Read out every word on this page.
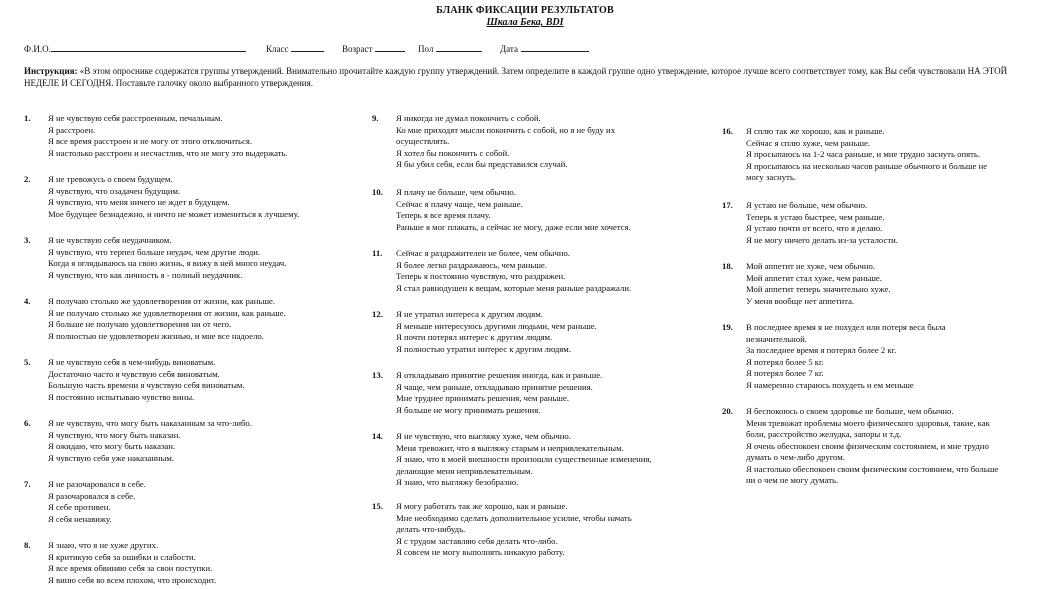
БЛАНК ФИКСАЦИИ РЕЗУЛЬТАТОВ
Шкала Бека, BDI
Ф.И.О.	Класс	Возраст	Пол	Дата
Инструкция: «В этом опроснике содержатся группы утверждений. Внимательно прочитайте каждую группу утверждений. Затем определите в каждой группе одно утверждение, которое лучше всего соответствует тому, как Вы себя чувствовали НА ЭТОЙ НЕДЕЛЕ И СЕГОДНЯ. Поставьте галочку около выбранного утверждения.
1. Я не чувствую себя расстроенным, печальным.
Я расстроен.
Я все время расстроен и не могу от этого отключиться.
Я настолько расстроен и несчастлив, что не могу это выдержать.
2. Я не тревожусь о своем будущем.
Я чувствую, что озадачен будущим.
Я чувствую, что меня ничего не ждет в будущем.
Мое будущее безнадежно, и ничто не может измениться к лучшему.
3. Я не чувствую себя неудачником.
Я чувствую, что терпел больше неудач, чем другие люди.
Когда я оглядываюсь на свою жизнь, я вижу в ней много неудач.
Я чувствую, что как личность я - полный неудачник.
4. Я получаю столько же удовлетворения от жизни, как раньше.
Я не получаю столько же удовлетворения от жизни, как раньше.
Я больше не получаю удовлетворения ни от чего.
Я полностью не удовлетворен жизнью, и мне все надоело.
5. Я не чувствую себя в чем-нибудь виноватым.
Достаточно часто я чувствую себя виноватым.
Большую часть времени я чувствую себя виноватым.
Я постоянно испытываю чувство вины.
6. Я не чувствую, что могу быть наказанным за что-либо.
Я чувствую, что могу быть наказан.
Я ожидаю, что могу быть наказан.
Я чувствую себя уже наказанным.
7. Я не разочаровался в себе.
Я разочаровался в себе.
Я себе противен.
Я себя ненавижу.
8. Я знаю, что я не хуже других.
Я критикую себя за ошибки и слабости.
Я все время обвиняю себя за свои поступки.
Я виню себя во всем плохом, что происходит.
9. Я никогда не думал покончить с собой.
Ко мне приходят мысли покончить с собой, но я не буду их
осуществлять.
Я хотел бы покончить с собой.
Я бы убил себя, если бы представился случай.
10. Я плачу не больше, чем обычно.
Сейчас я плачу чаще, чем раньше.
Теперь я все время плачу.
Раньше я мог плакать, а сейчас не могу, даже если мне хочется.
11. Сейчас я раздражителен не более, чем обычно.
Я более легко раздражаюсь, чем раньше.
Теперь я постоянно чувствую, что раздражен.
Я стал равнодушен к вещам, которые меня раньше раздражали.
12. Я не утратил интереса к другим людям.
Я меньше интересуюсь другими людьми, чем раньше.
Я почти потерял интерес к другим людям.
Я полностью утратил интерес к другим людям.
13. Я откладываю принятие решения иногда, как и раньше.
Я чаще, чем раньше, откладываю принятие решения.
Мне труднее принимать решения, чем раньше.
Я больше не могу принимать решения.
14. Я не чувствую, что выгляжу хуже, чем обычно.
Меня тревожит, что я выгляжу старым и непривлекательным.
Я знаю, что в моей внешности произошли существенные изменения,
делающие меня непривлекательным.
Я знаю, что выгляжу безобразно.
15. Я могу работать так же хорошо, как и раньше.
Мне необходимо сделать дополнительное усилие, чтобы начать
делать что-нибудь.
Я с трудом заставляю себя делать что-либо.
Я совсем не могу выполнять никакую работу.
16. Я сплю так же хорошо, как и раньше.
Сейчас я сплю хуже, чем раньше.
Я просыпаюсь на 1-2 часа раньше, и мне трудно заснуть опять.
Я просыпаюсь на несколько часов раньше обычного и больше не
могу заснуть.
17. Я устаю не больше, чем обычно.
Теперь я устаю быстрее, чем раньше.
Я устаю почти от всего, что я делаю.
Я не могу ничего делать из-за усталости.
18. Мой аппетит не хуже, чем обычно.
Мой аппетит стал хуже, чем раньше.
Мой аппетит теперь значительно хуже.
У меня вообще нет аппетита.
19. В последнее время я не похудел или потеря веса была
незначительной.
За последнее время я потерял более 2 кг.
Я потерял более 5 кг.
Я потерял более 7 кг.
Я намеренно стараюсь похудеть и ем меньше
20. Я беспокоюсь о своем здоровье не больше, чем обычно.
Меня тревожат проблемы моего физического здоровья, такие, как
боли, расстройство желудка, запоры и т.д.
Я очень обеспокоен своим физическим состоянием, и мне трудно
думать о чем-либо другом.
Я настолько обеспокоен своим физическим состоянием, что больше
ни о чем не могу думать.
